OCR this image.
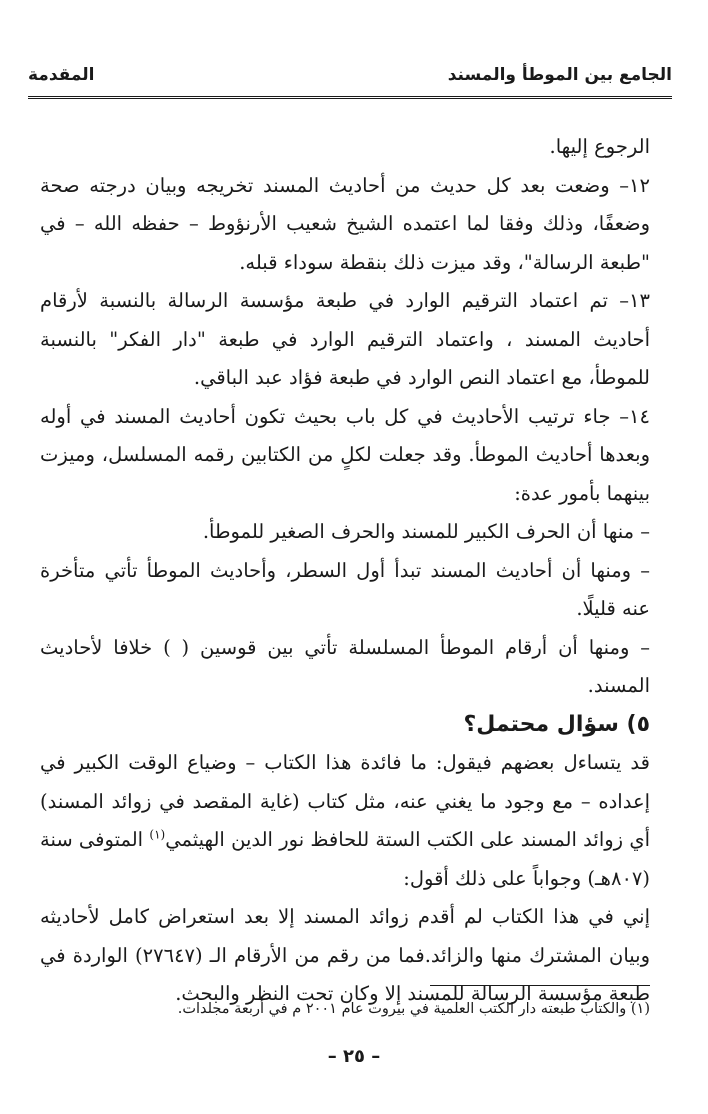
الجامع بين الموطأ والمسند
المقدمة

الرجوع إليها.

١٢– وضعت بعد كل حديث من أحاديث المسند تخريجه وبيان درجته صحة وضعفًا، وذلك وفقا لما اعتمده الشيخ شعيب الأرنؤوط – حفظه الله – في "طبعة الرسالة"، وقد ميزت ذلك بنقطة سوداء قبله.

١٣– تم اعتماد الترقيم الوارد في طبعة مؤسسة الرسالة بالنسبة لأرقام أحاديث المسند ، واعتماد الترقيم الوارد في طبعة "دار الفكر" بالنسبة للموطأ، مع اعتماد النص الوارد في طبعة فؤاد عبد الباقي.

١٤– جاء ترتيب الأحاديث في كل باب بحيث تكون أحاديث المسند في أوله وبعدها أحاديث الموطأ. وقد جعلت لكلٍ من الكتابين رقمه المسلسل، وميزت بينهما بأمور عدة:

– منها أن الحرف الكبير للمسند والحرف الصغير للموطأ.

– ومنها أن أحاديث المسند تبدأ أول السطر، وأحاديث الموطأ تأتي متأخرة عنه قليلًا.

– ومنها أن أرقام الموطأ المسلسلة تأتي بين قوسين ( ) خلافا لأحاديث المسند.

٥) سؤال محتمل؟

قد يتساءل بعضهم فيقول: ما فائدة هذا الكتاب – وضياع الوقت الكبير في إعداده – مع وجود ما يغني عنه، مثل كتاب (غاية المقصد في زوائد المسند) أي زوائد المسند على الكتب الستة للحافظ نور الدين الهيثمي$^{(١)}$ المتوفى سنة (٨٠٧هـ) وجواباً على ذلك أقول:

إني في هذا الكتاب لم أقدم زوائد المسند إلا بعد استعراض كامل لأحاديثه وبيان المشترك منها والزائد.فما من رقم من الأرقام الـ (٢٧٦٤٧) الواردة في طبعة مؤسسة الرسالة للمسند إلا وكان تحت النظر والبحث.

(١) والكتاب طبعته دار الكتب العلمية في بيروت عام ٢٠٠١ م في أربعة مجلدات.
– ٢٥ –
